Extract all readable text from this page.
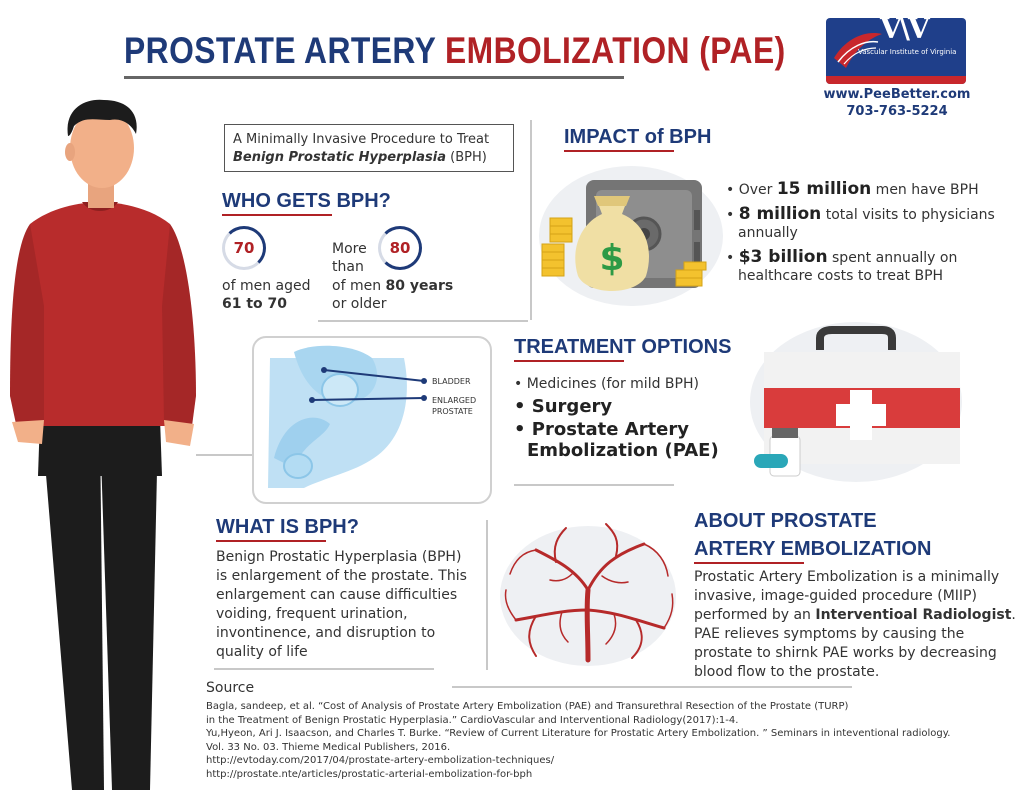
PROSTATE ARTERY EMBOLIZATION (PAE)
V\V
Vascular Institute of Virginia
www.PeeBetter.com
703-763-5224
A Minimally Invasive Procedure to Treat
Benign Prostatic Hyperplasia (BPH)
WHO GETS BPH?
70
of men aged
61 to 70
More
than
80
of men 80 years
or older
IMPACT of BPH
$
• Over 15 million men have BPH
• 8 million total visits to physicians
annually
• $3 billion spent annually on
healthcare costs to treat BPH
BLADDER
ENLARGED
PROSTATE
TREATMENT OPTIONS
• Medicines (for mild BPH)
• Surgery
• Prostate Artery
Embolization (PAE)
WHAT IS BPH?
Benign Prostatic Hyperplasia (BPH)
is enlargement of the prostate. This
enlargement can cause difficulties
voiding, frequent urination,
invontinence, and disruption to
quality of life
ABOUT PROSTATE
ARTERY EMBOLIZATION
Prostatic Artery Embolization is a minimally
invasive, image-guided procedure (MIIP)
performed by an Interventioal Radiologist.
PAE relieves symptoms by causing the
prostate to shirnk PAE works by decreasing
blood flow to the prostate.
Source
Bagla, sandeep, et al. “Cost of Analysis of Prostate Artery Embolization (PAE) and Transurethral Resection of the Prostate (TURP)
in the Treatment of Benign Prostatic Hyperplasia.” CardioVascular and Interventional Radiology(2017):1-4.
Yu,Hyeon, Ari J. Isaacson, and Charles T. Burke. “Review of Current Literature for Prostatic Artery Embolization. ” Seminars in inteventional radiology.
Vol. 33 No. 03. Thieme Medical Publishers, 2016.
http://evtoday.com/2017/04/prostate-artery-embolization-techniques/
http://prostate.nte/articles/prostatic-arterial-embolization-for-bph
